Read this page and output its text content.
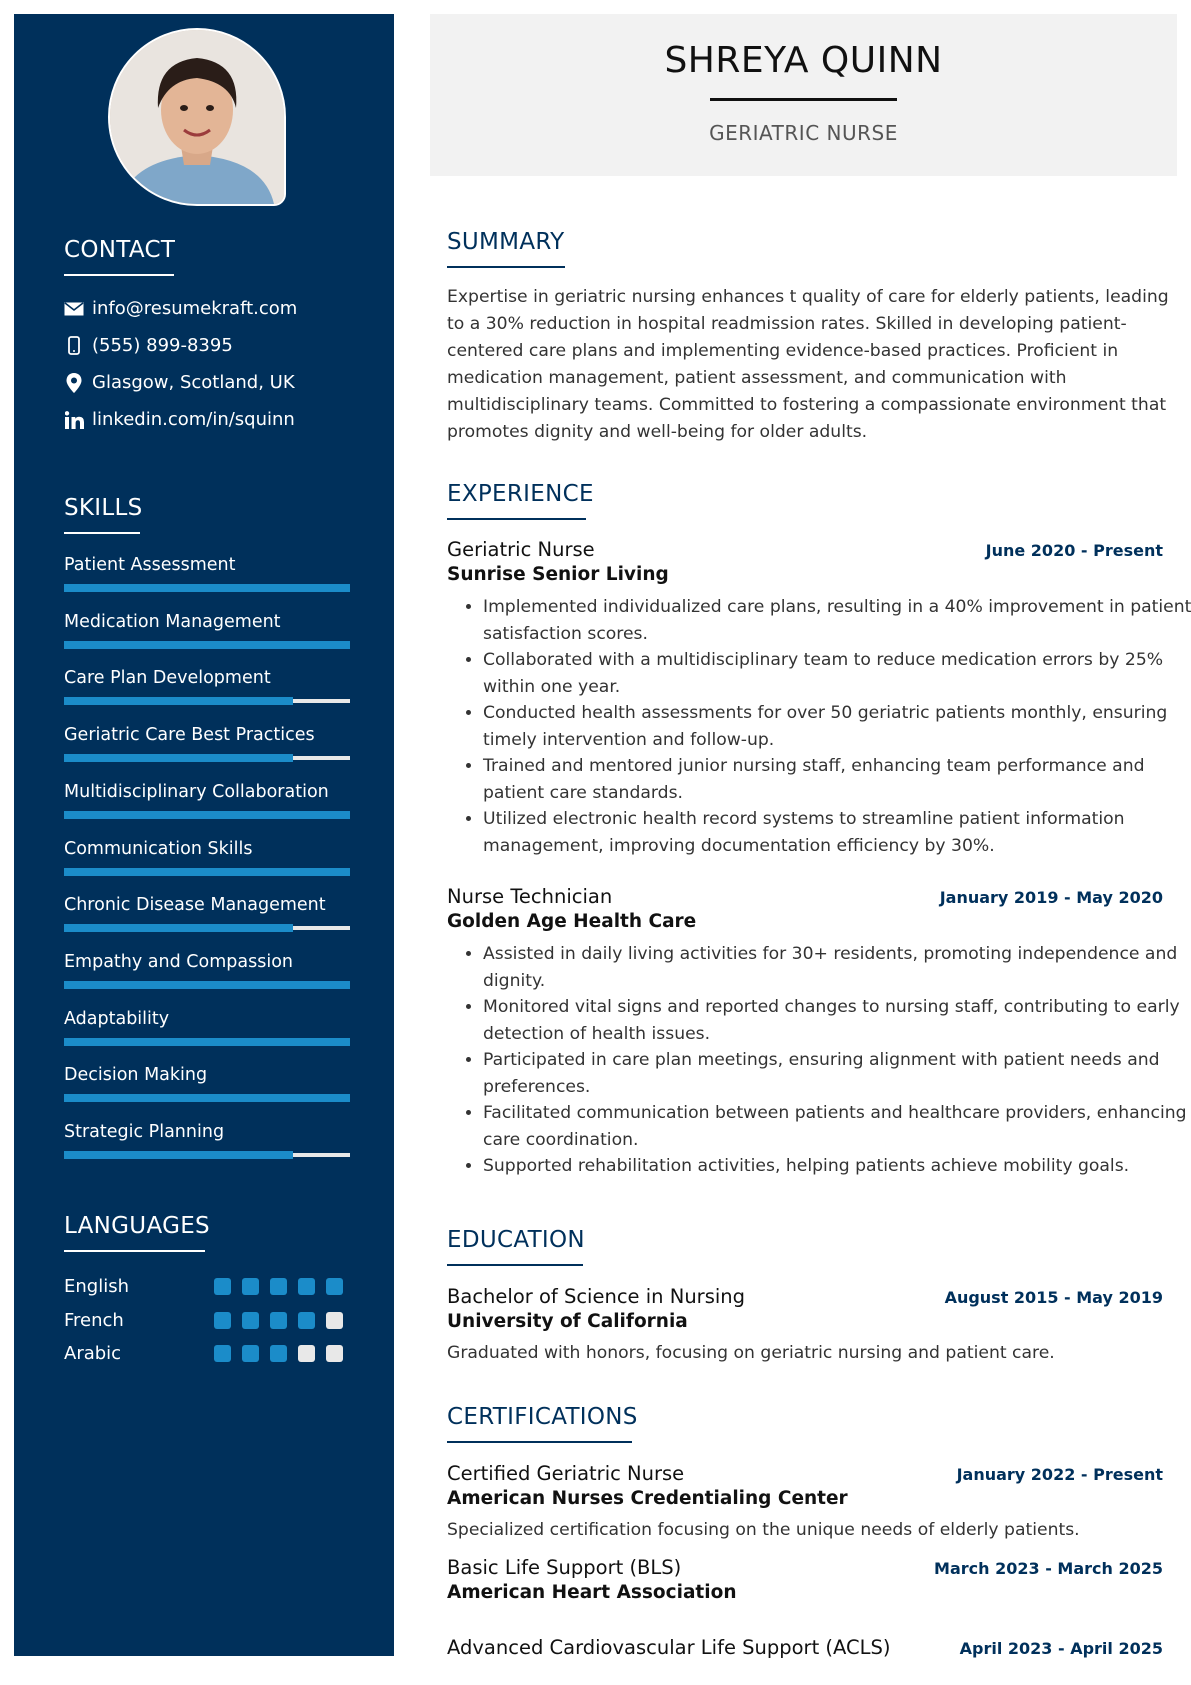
CONTACT
info@resumekraft.com
(555) 899-8395
Glasgow, Scotland, UK
linkedin.com/in/squinn
SKILLS
Patient Assessment
Medication Management
Care Plan Development
Geriatric Care Best Practices
Multidisciplinary Collaboration
Communication Skills
Chronic Disease Management
Empathy and Compassion
Adaptability
Decision Making
Strategic Planning
LANGUAGES
English
French
Arabic
SHREYA QUINN
GERIATRIC NURSE
SUMMARY

Expertise in geriatric nursing enhances t quality of care for elderly patients, leading to a 30% reduction in hospital readmission rates. Skilled in developing patient-centered care plans and implementing evidence-based practices. Proficient in medication management, patient assessment, and communication with multidisciplinary teams. Committed to fostering a compassionate environment that promotes dignity and well-being for older adults.

EXPERIENCE
Geriatric Nurse	June 2020 - Present
Sunrise Senior Living
• Implemented individualized care plans, resulting in a 40% improvement in patient satisfaction scores.
• Collaborated with a multidisciplinary team to reduce medication errors by 25% within one year.
• Conducted health assessments for over 50 geriatric patients monthly, ensuring timely intervention and follow-up.
• Trained and mentored junior nursing staff, enhancing team performance and patient care standards.
• Utilized electronic health record systems to streamline patient information management, improving documentation efficiency by 30%.
Nurse Technician	January 2019 - May 2020
Golden Age Health Care
• Assisted in daily living activities for 30+ residents, promoting independence and dignity.
• Monitored vital signs and reported changes to nursing staff, contributing to early detection of health issues.
• Participated in care plan meetings, ensuring alignment with patient needs and preferences.
• Facilitated communication between patients and healthcare providers, enhancing care coordination.
• Supported rehabilitation activities, helping patients achieve mobility goals.
EDUCATION
Bachelor of Science in Nursing	August 2015 - May 2019
University of California

Graduated with honors, focusing on geriatric nursing and patient care.

CERTIFICATIONS
Certified Geriatric Nurse	January 2022 - Present
American Nurses Credentialing Center

Specialized certification focusing on the unique needs of elderly patients.

Basic Life Support (BLS)	March 2023 - March 2025
American Heart Association
Advanced Cardiovascular Life Support (ACLS)	April 2023 - April 2025
